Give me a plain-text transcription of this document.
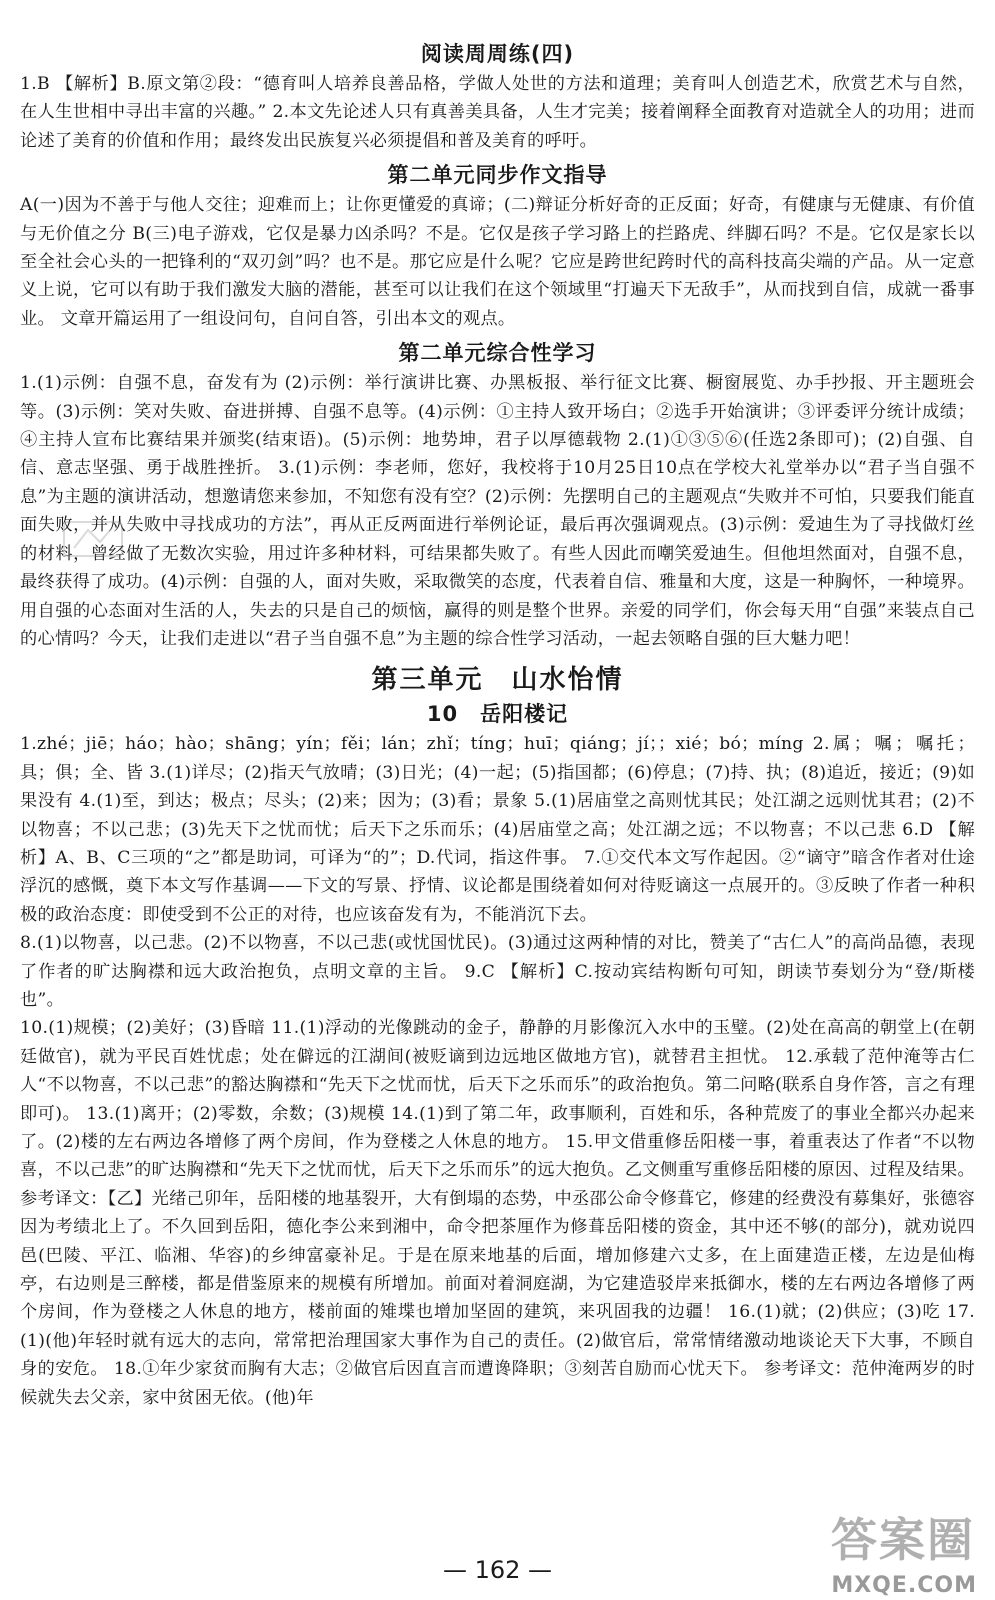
阅读周周练(四)

1.B 【解析】B.原文第②段：“德育叫人培养良善品格，学做人处世的方法和道理；美育叫人创造艺术，欣赏艺术与自然，在人生世相中寻出丰富的兴趣。” 2.本文先论述人只有真善美具备，人生才完美；接着阐释全面教育对造就全人的功用；进而论述了美育的价值和作用；最终发出民族复兴必须提倡和普及美育的呼吁。

第二单元同步作文指导

A(一)因为不善于与他人交往；迎难而上；让你更懂爱的真谛；(二)辩证分析好奇的正反面；好奇，有健康与无健康、有价值与无价值之分 B(三)电子游戏，它仅是暴力凶杀吗？不是。它仅是孩子学习路上的拦路虎、绊脚石吗？不是。它仅是家长以至全社会心头的一把锋利的“双刃剑”吗？也不是。那它应是什么呢？它应是跨世纪跨时代的高科技高尖端的产品。从一定意义上说，它可以有助于我们激发大脑的潜能，甚至可以让我们在这个领域里“打遍天下无敌手”，从而找到自信，成就一番事业。 文章开篇运用了一组设问句，自问自答，引出本文的观点。

第二单元综合性学习

1.(1)示例：自强不息，奋发有为 (2)示例：举行演讲比赛、办黑板报、举行征文比赛、橱窗展览、办手抄报、开主题班会等。(3)示例：笑对失败、奋进拼搏、自强不息等。(4)示例：①主持人致开场白；②选手开始演讲；③评委评分统计成绩；④主持人宣布比赛结果并颁奖(结束语)。(5)示例：地势坤，君子以厚德载物 2.(1)①③⑤⑥(任选2条即可)；(2)自强、自信、意志坚强、勇于战胜挫折。 3.(1)示例：李老师，您好，我校将于10月25日10点在学校大礼堂举办以“君子当自强不息”为主题的演讲活动，想邀请您来参加，不知您有没有空？(2)示例：先摆明自己的主题观点“失败并不可怕，只要我们能直面失败，并从失败中寻找成功的方法”，再从正反两面进行举例论证，最后再次强调观点。(3)示例：爱迪生为了寻找做灯丝的材料，曾经做了无数次实验，用过许多种材料，可结果都失败了。有些人因此而嘲笑爱迪生。但他坦然面对，自强不息，最终获得了成功。(4)示例：自强的人，面对失败，采取微笑的态度，代表着自信、雅量和大度，这是一种胸怀，一种境界。用自强的心态面对生活的人，失去的只是自己的烦恼，赢得的则是整个世界。亲爱的同学们，你会每天用“自强”来装点自己的心情吗？今天，让我们走进以“君子当自强不息”为主题的综合性学习活动，一起去领略自强的巨大魅力吧！

第三单元　山水怡情
10　岳阳楼记

1.zhé；jiē；háo；hào；shāng；yín；fěi；lán；zhǐ；tíng；huī；qiáng；jí；；xié；bó；míng 2.属；嘱；嘱托；具；俱；全、皆 3.(1)详尽；(2)指天气放晴；(3)日光；(4)一起；(5)指国都；(6)停息；(7)持、执；(8)追近，接近；(9)如果没有 4.(1)至，到达；极点；尽头；(2)来；因为；(3)看；景象 5.(1)居庙堂之高则忧其民；处江湖之远则忧其君；(2)不以物喜；不以己悲；(3)先天下之忧而忧；后天下之乐而乐；(4)居庙堂之高；处江湖之远；不以物喜；不以己悲 6.D 【解析】A、B、C三项的“之”都是助词，可译为“的”；D.代词，指这件事。 7.①交代本文写作起因。②“谪守”暗含作者对仕途浮沉的感慨，奠下本文写作基调——下文的写景、抒情、议论都是围绕着如何对待贬谪这一点展开的。③反映了作者一种积极的政治态度：即使受到不公正的对待，也应该奋发有为，不能消沉下去。

8.(1)以物喜，以己悲。(2)不以物喜，不以己悲(或忧国忧民)。(3)通过这两种情的对比，赞美了“古仁人”的高尚品德，表现了作者的旷达胸襟和远大政治抱负，点明文章的主旨。 9.C 【解析】C.按动宾结构断句可知，朗读节奏划分为“登/斯楼也”。

10.(1)规模；(2)美好；(3)昏暗 11.(1)浮动的光像跳动的金子，静静的月影像沉入水中的玉璧。(2)处在高高的朝堂上(在朝廷做官)，就为平民百姓忧虑；处在僻远的江湖间(被贬谪到边远地区做地方官)，就替君主担忧。 12.承载了范仲淹等古仁人“不以物喜，不以己悲”的豁达胸襟和“先天下之忧而忧，后天下之乐而乐”的政治抱负。第二问略(联系自身作答，言之有理即可)。 13.(1)离开；(2)零数，余数；(3)规模 14.(1)到了第二年，政事顺利，百姓和乐，各种荒废了的事业全都兴办起来了。(2)楼的左右两边各增修了两个房间，作为登楼之人休息的地方。 15.甲文借重修岳阳楼一事，着重表达了作者“不以物喜，不以己悲”的旷达胸襟和“先天下之忧而忧，后天下之乐而乐”的远大抱负。乙文侧重写重修岳阳楼的原因、过程及结果。 参考译文：【乙】光绪己卯年，岳阳楼的地基裂开，大有倒塌的态势，中丞邵公命令修葺它，修建的经费没有募集好，张德容因为考绩北上了。不久回到岳阳，德化李公来到湘中，命令把茶厘作为修葺岳阳楼的资金，其中还不够(的部分)，就劝说四邑(巴陵、平江、临湘、华容)的乡绅富豪补足。于是在原来地基的后面，增加修建六丈多，在上面建造正楼，左边是仙梅亭，右边则是三醉楼，都是借鉴原来的规模有所增加。前面对着洞庭湖，为它建造驳岸来抵御水，楼的左右两边各增修了两个房间，作为登楼之人休息的地方，楼前面的雉堞也增加坚固的建筑，来巩固我的边疆！ 16.(1)就；(2)供应；(3)吃 17.(1)(他)年轻时就有远大的志向，常常把治理国家大事作为自己的责任。(2)做官后，常常情绪激动地谈论天下大事，不顾自身的安危。 18.①年少家贫而胸有大志；②做官后因直言而遭谗降职；③刻苦自励而心忧天下。 参考译文：范仲淹两岁的时候就失去父亲，家中贫困无依。(他)年

— 162 —
答案圈
MXQE.COM
